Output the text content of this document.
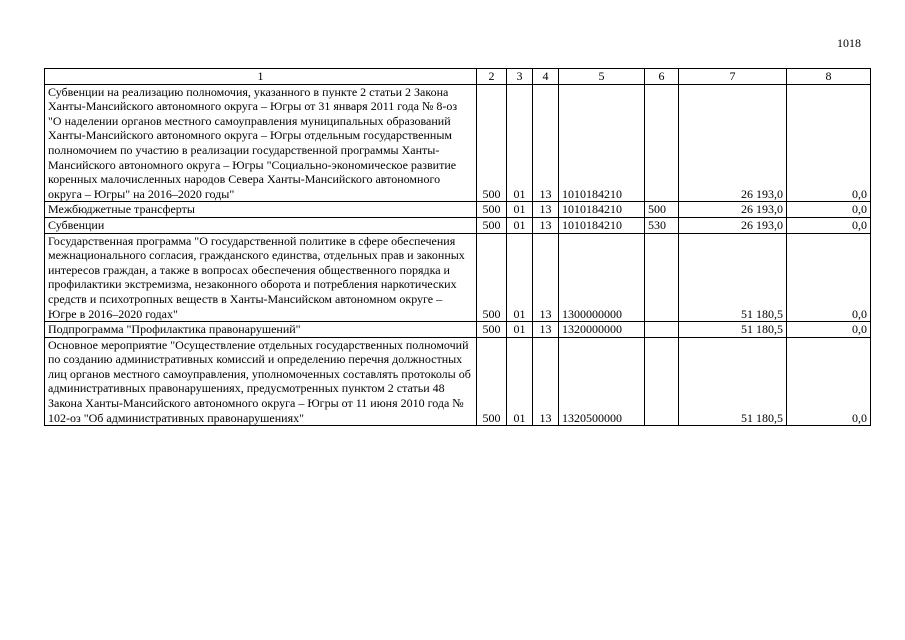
1018
1	2	3	4	5	6	7	8
Субвенции на реализацию полномочия, указанного в пункте 2 статьи 2 Закона Ханты-Мансийского автономного округа – Югры от 31 января 2011 года № 8-оз "О наделении органов местного самоуправления муниципальных образований Ханты-Мансийского автономного округа – Югры отдельным государственным полномочием по участию в реализации государственной программы Ханты-Мансийского автономного округа – Югры "Социально-экономическое развитие коренных малочисленных народов Севера Ханты-Мансийского автономного округа – Югры" на 2016–2020 годы"	500	01	13	1010184210		26 193,0	0,0
Межбюджетные трансферты	500	01	13	1010184210	500	26 193,0	0,0
Субвенции	500	01	13	1010184210	530	26 193,0	0,0
Государственная программа "О государственной политике в сфере обеспечения межнационального согласия, гражданского единства, отдельных прав и законных интересов граждан, а также в вопросах обеспечения общественного порядка и профилактики экстремизма, незаконного оборота и потребления наркотических средств и психотропных веществ в Ханты-Мансийском автономном округе – Югре в 2016–2020 годах"	500	01	13	1300000000		51 180,5	0,0
Подпрограмма "Профилактика правонарушений"	500	01	13	1320000000		51 180,5	0,0
Основное мероприятие "Осуществление отдельных государственных полномочий по созданию административных комиссий и определению перечня должностных лиц органов местного самоуправления, уполномоченных составлять протоколы об административных правонарушениях, предусмотренных пунктом 2 статьи 48 Закона Ханты-Мансийского автономного округа – Югры от 11 июня 2010 года № 102-оз "Об административных правонарушениях"	500	01	13	1320500000		51 180,5	0,0
